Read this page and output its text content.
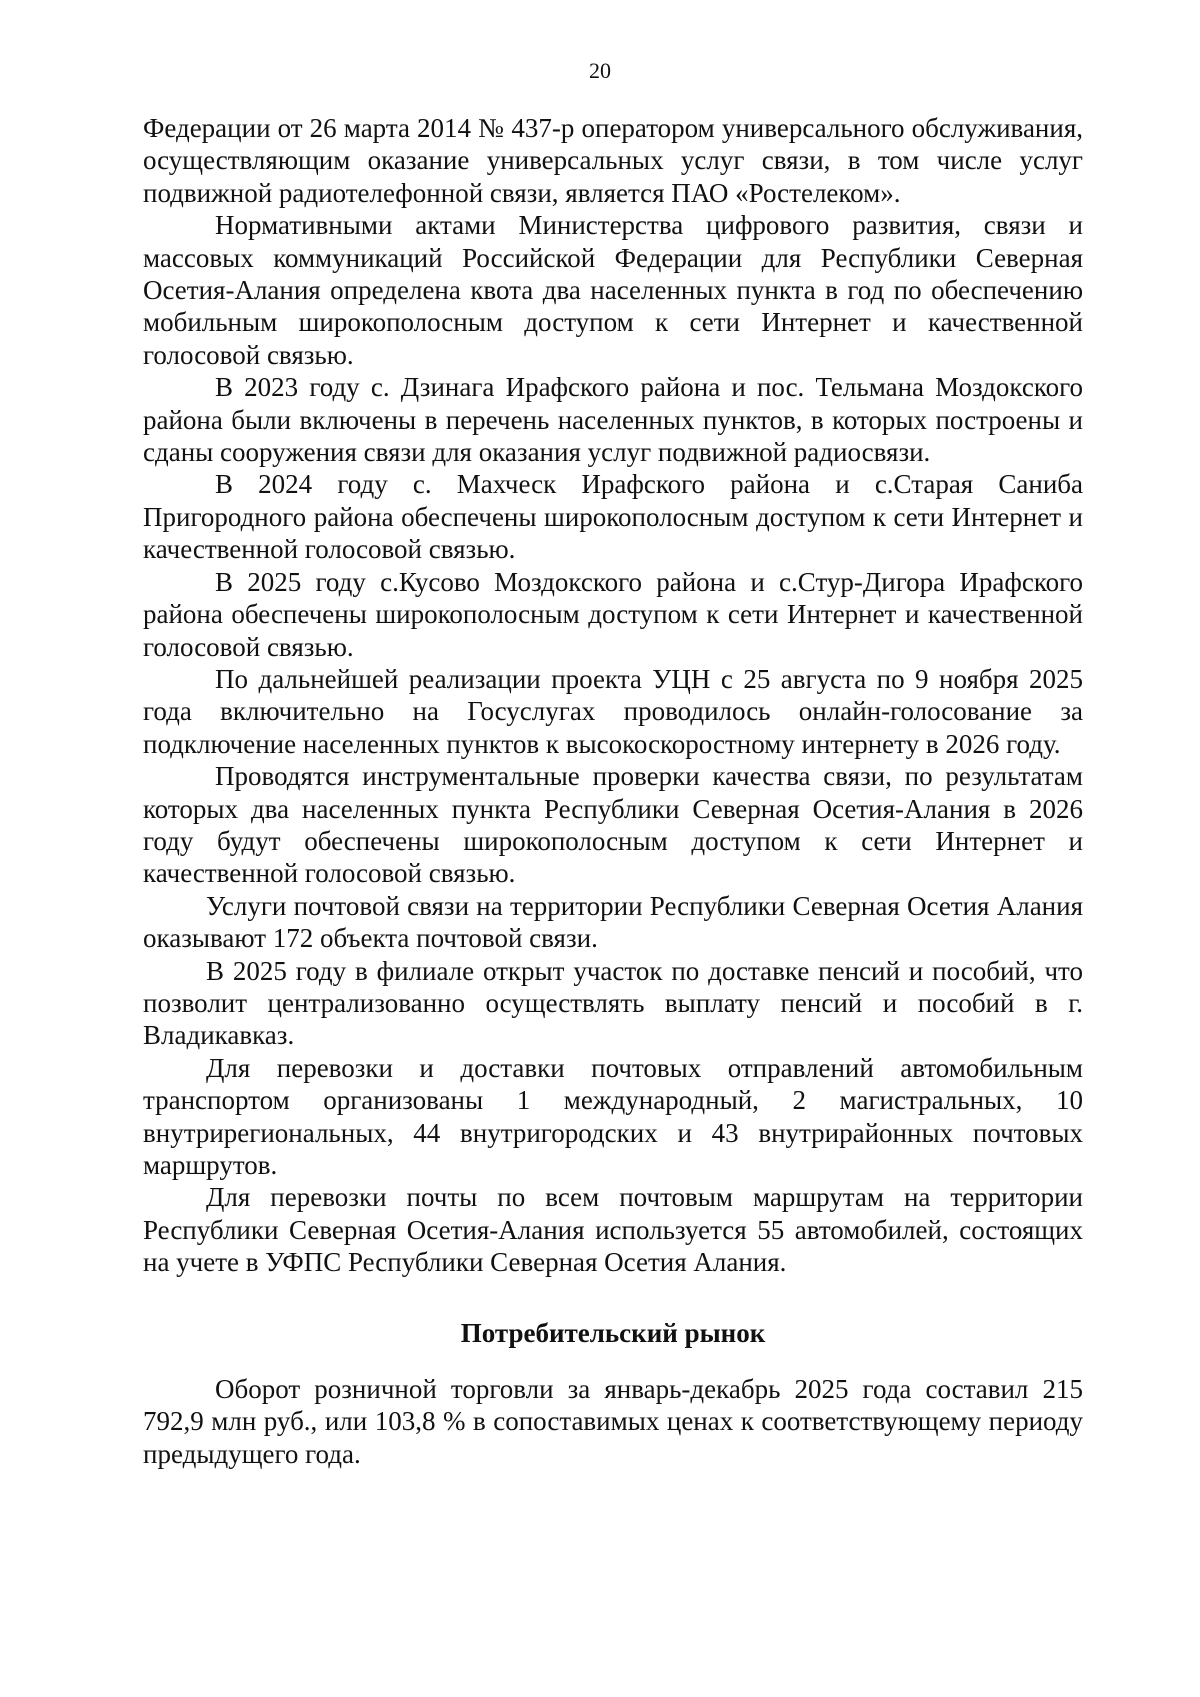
20

Федерации от 26 марта 2014 № 437-р оператором универсального обслуживания, осуществляющим оказание универсальных услуг связи, в том числе услуг подвижной радиотелефонной связи, является ПАО «Ростелеком».

Нормативными актами Министерства цифрового развития, связи и массовых коммуникаций Российской Федерации для Республики Северная Осетия-Алания определена квота два населенных пункта в год по обеспечению мобильным широкополосным доступом к сети Интернет и качественной голосовой связью.

В 2023 году с. Дзинага Ирафского района и пос. Тельмана Моздокского района были включены в перечень населенных пунктов, в которых построены и сданы сооружения связи для оказания услуг подвижной радиосвязи.

В 2024 году с. Махческ Ирафского района и с.Старая Саниба Пригородного района обеспечены широкополосным доступом к сети Интернет и качественной голосовой связью.

В 2025 году с.Кусово Моздокского района и с.Стур-Дигора Ирафского района обеспечены широкополосным доступом к сети Интернет и качественной голосовой связью.

По дальнейшей реализации проекта УЦН с 25 августа по 9 ноября 2025 года включительно на Госуслугах проводилось онлайн-голосование за подключение населенных пунктов к высокоскоростному интернету в 2026 году.

Проводятся инструментальные проверки качества связи, по результатам которых два населенных пункта Республики Северная Осетия-Алания в 2026 году будут обеспечены широкополосным доступом к сети Интернет и качественной голосовой связью.

Услуги почтовой связи на территории Республики Северная Осетия Алания оказывают 172 объекта почтовой связи.

В 2025 году в филиале открыт участок по доставке пенсий и пособий, что позволит централизованно осуществлять выплату пенсий и пособий в г. Владикавказ.

Для перевозки и доставки почтовых отправлений автомобильным транспортом организованы 1 международный, 2 магистральных, 10 внутрирегиональных, 44 внутригородских и 43 внутрирайонных почтовых маршрутов.

Для перевозки почты по всем почтовым маршрутам на территории Республики Северная Осетия-Алания используется 55 автомобилей, состоящих на учете в УФПС Республики Северная Осетия Алания.

Потребительский рынок

Оборот розничной торговли за январь-декабрь 2025 года составил 215 792,9 млн руб., или 103,8 % в сопоставимых ценах к соответствующему периоду предыдущего года.
